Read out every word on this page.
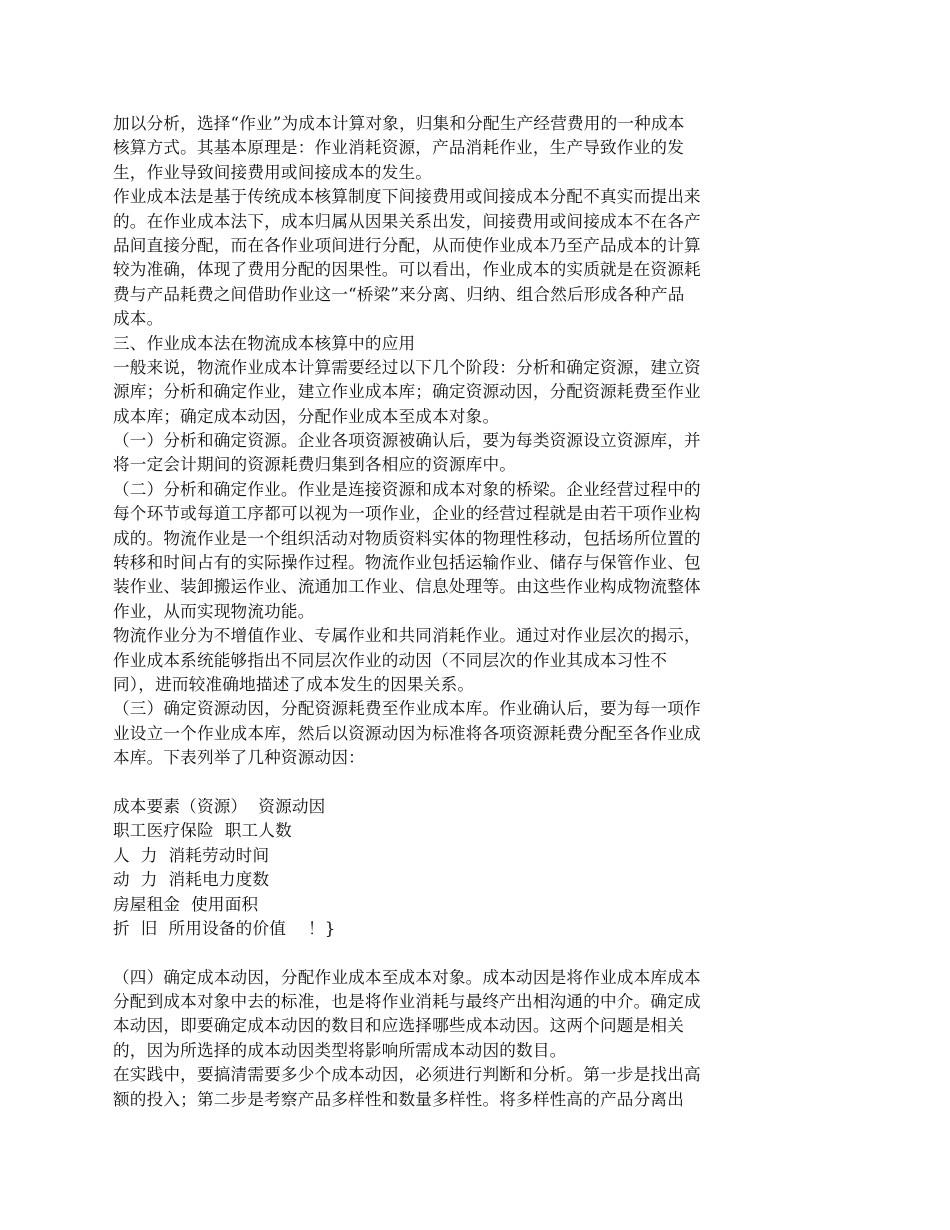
加以分析，选择“作业”为成本计算对象，归集和分配生产经营费用的一种成本
核算方式。其基本原理是：作业消耗资源，产品消耗作业，生产导致作业的发
生，作业导致间接费用或间接成本的发生。
作业成本法是基于传统成本核算制度下间接费用或间接成本分配不真实而提出来
的。在作业成本法下，成本归属从因果关系出发，间接费用或间接成本不在各产
品间直接分配，而在各作业项间进行分配，从而使作业成本乃至产品成本的计算
较为准确，体现了费用分配的因果性。可以看出，作业成本的实质就是在资源耗
费与产品耗费之间借助作业这一“桥梁”来分离、归纳、组合然后形成各种产品
成本。
三、作业成本法在物流成本核算中的应用
一般来说，物流作业成本计算需要经过以下几个阶段：分析和确定资源，建立资
源库；分析和确定作业，建立作业成本库；确定资源动因，分配资源耗费至作业
成本库；确定成本动因，分配作业成本至成本对象。
（一）分析和确定资源。企业各项资源被确认后，要为每类资源设立资源库，并
将一定会计期间的资源耗费归集到各相应的资源库中。
（二）分析和确定作业。作业是连接资源和成本对象的桥梁。企业经营过程中的
每个环节或每道工序都可以视为一项作业，企业的经营过程就是由若干项作业构
成的。物流作业是一个组织活动对物质资料实体的物理性移动，包括场所位置的
转移和时间占有的实际操作过程。物流作业包括运输作业、储存与保管作业、包
装作业、装卸搬运作业、流通加工作业、信息处理等。由这些作业构成物流整体
作业，从而实现物流功能。
物流作业分为不增值作业、专属作业和共同消耗作业。通过对作业层次的揭示，
作业成本系统能够指出不同层次作业的动因（不同层次的作业其成本习性不
同），进而较准确地描述了成本发生的因果关系。
（三）确定资源动因，分配资源耗费至作业成本库。作业确认后，要为每一项作
业设立一个作业成本库，然后以资源动因为标准将各项资源耗费分配至各作业成
本库。下表列举了几种资源动因：
成本要素（资源）  资源动因
职工医疗保险  职工人数
人  力  消耗劳动时间
动  力  消耗电力度数
房屋租金  使用面积
折  旧  所用设备的价值    ！}
（四）确定成本动因，分配作业成本至成本对象。成本动因是将作业成本库成本
分配到成本对象中去的标准，也是将作业消耗与最终产出相沟通的中介。确定成
本动因，即要确定成本动因的数目和应选择哪些成本动因。这两个问题是相关
的，因为所选择的成本动因类型将影响所需成本动因的数目。
在实践中，要搞清需要多少个成本动因，必须进行判断和分析。第一步是找出高
额的投入；第二步是考察产品多样性和数量多样性。将多样性高的产品分离出
